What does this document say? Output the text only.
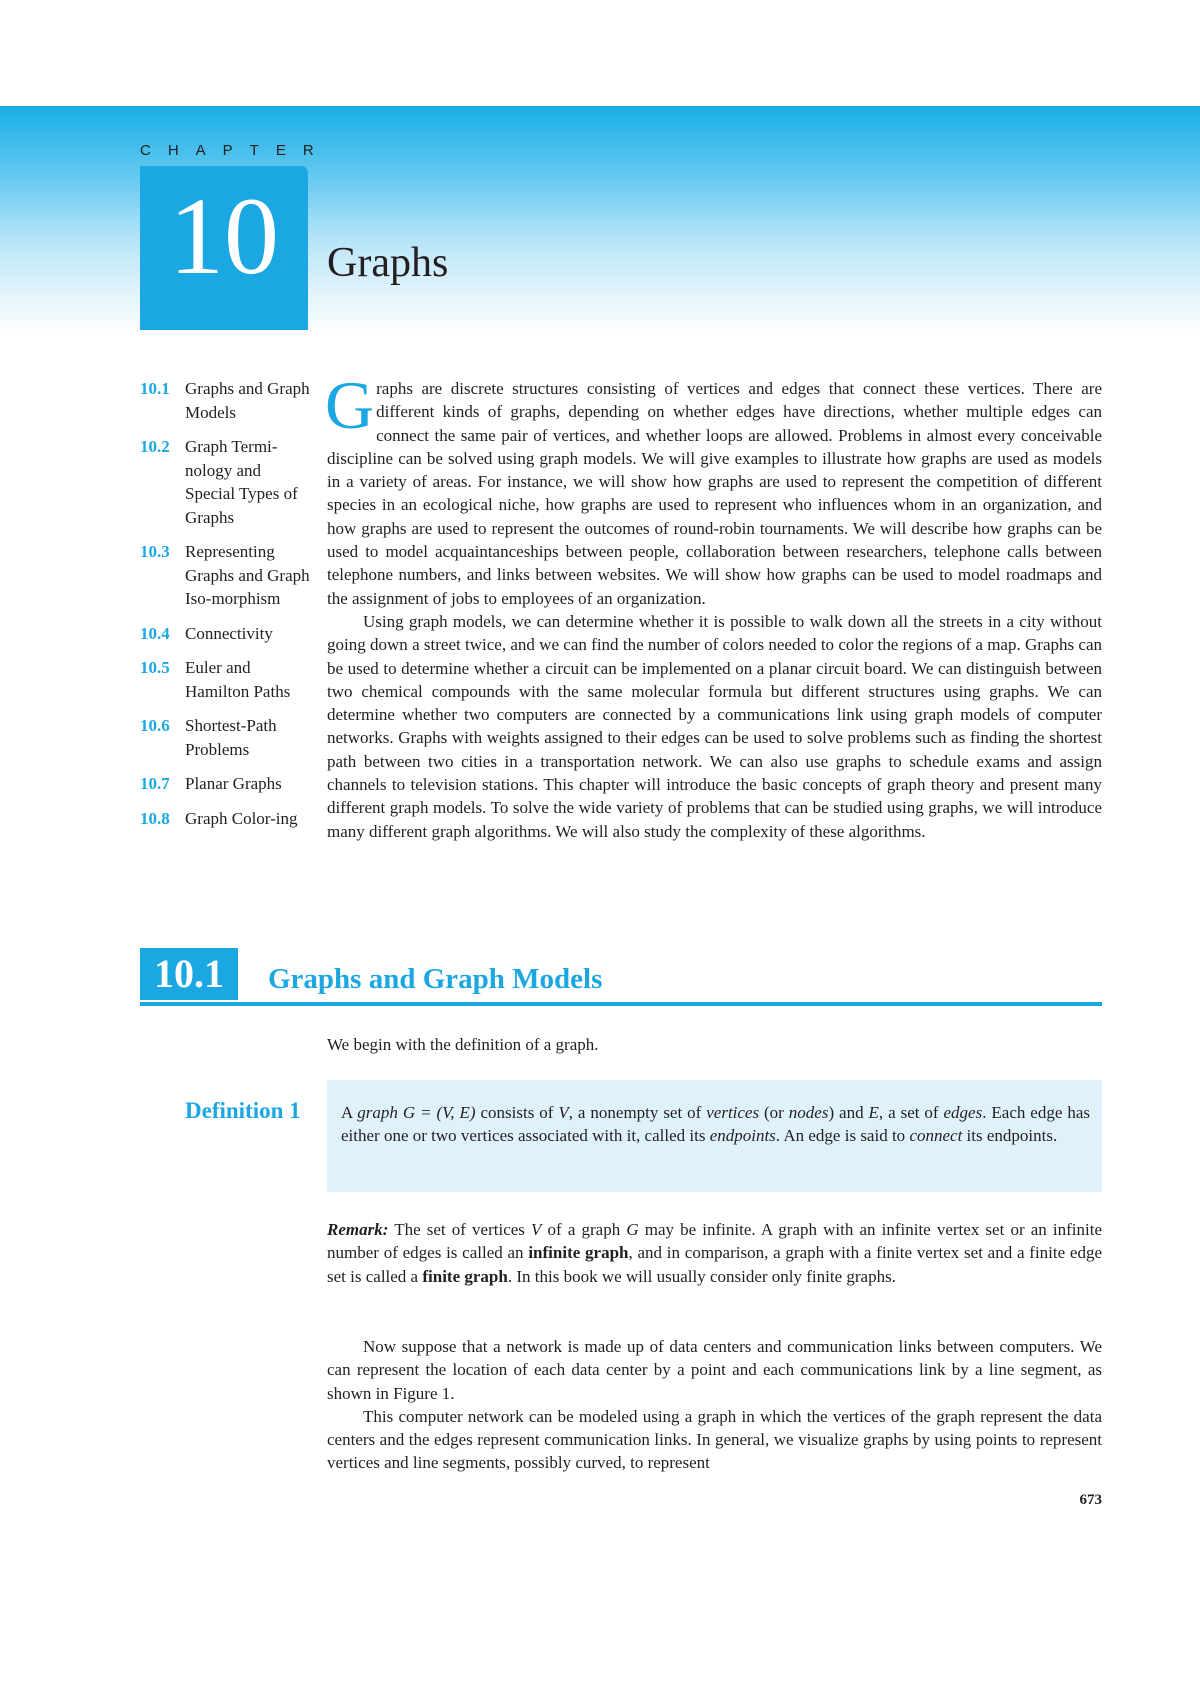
CHAPTER
10	Graphs
10.1 Graphs and Graph Models
10.2 Graph Termi-nology and Special Types of Graphs
10.3 Representing Graphs and Graph Iso-morphism
10.4 Connectivity
10.5 Euler and Hamilton Paths
10.6 Shortest-Path Problems
10.7 Planar Graphs
10.8 Graph Color-ing

Graphs are discrete structures consisting of vertices and edges that connect these vertices. There are different kinds of graphs, depending on whether edges have directions, whether multiple edges can connect the same pair of vertices, and whether loops are allowed. Problems in almost every conceivable discipline can be solved using graph models. We will give examples to illustrate how graphs are used as models in a variety of areas. For instance, we will show how graphs are used to represent the competition of different species in an ecological niche, how graphs are used to represent who influences whom in an organization, and how graphs are used to represent the outcomes of round-robin tournaments. We will describe how graphs can be used to model acquaintanceships between people, collaboration between researchers, telephone calls between telephone numbers, and links between websites. We will show how graphs can be used to model roadmaps and the assignment of jobs to employees of an organization.

Using graph models, we can determine whether it is possible to walk down all the streets in a city without going down a street twice, and we can find the number of colors needed to color the regions of a map. Graphs can be used to determine whether a circuit can be implemented on a planar circuit board. We can distinguish between two chemical compounds with the same molecular formula but different structures using graphs. We can determine whether two computers are connected by a communications link using graph models of computer networks. Graphs with weights assigned to their edges can be used to solve problems such as finding the shortest path between two cities in a transportation network. We can also use graphs to schedule exams and assign channels to television stations. This chapter will introduce the basic concepts of graph theory and present many different graph models. To solve the wide variety of problems that can be studied using graphs, we will introduce many different graph algorithms. We will also study the complexity of these algorithms.

10.1	Graphs and Graph Models

We begin with the definition of a graph.

Definition 1 A graph G = (V, E) consists of V, a nonempty set of vertices (or nodes) and E, a set of edges. Each edge has either one or two vertices associated with it, called its endpoints. An edge is said to connect its endpoints.

Remark: The set of vertices V of a graph G may be infinite. A graph with an infinite vertex set or an infinite number of edges is called an infinite graph, and in comparison, a graph with a finite vertex set and a finite edge set is called a finite graph. In this book we will usually consider only finite graphs.

Now suppose that a network is made up of data centers and communication links between computers. We can represent the location of each data center by a point and each communications link by a line segment, as shown in Figure 1.

This computer network can be modeled using a graph in which the vertices of the graph represent the data centers and the edges represent communication links. In general, we visualize graphs by using points to represent vertices and line segments, possibly curved, to represent

673
